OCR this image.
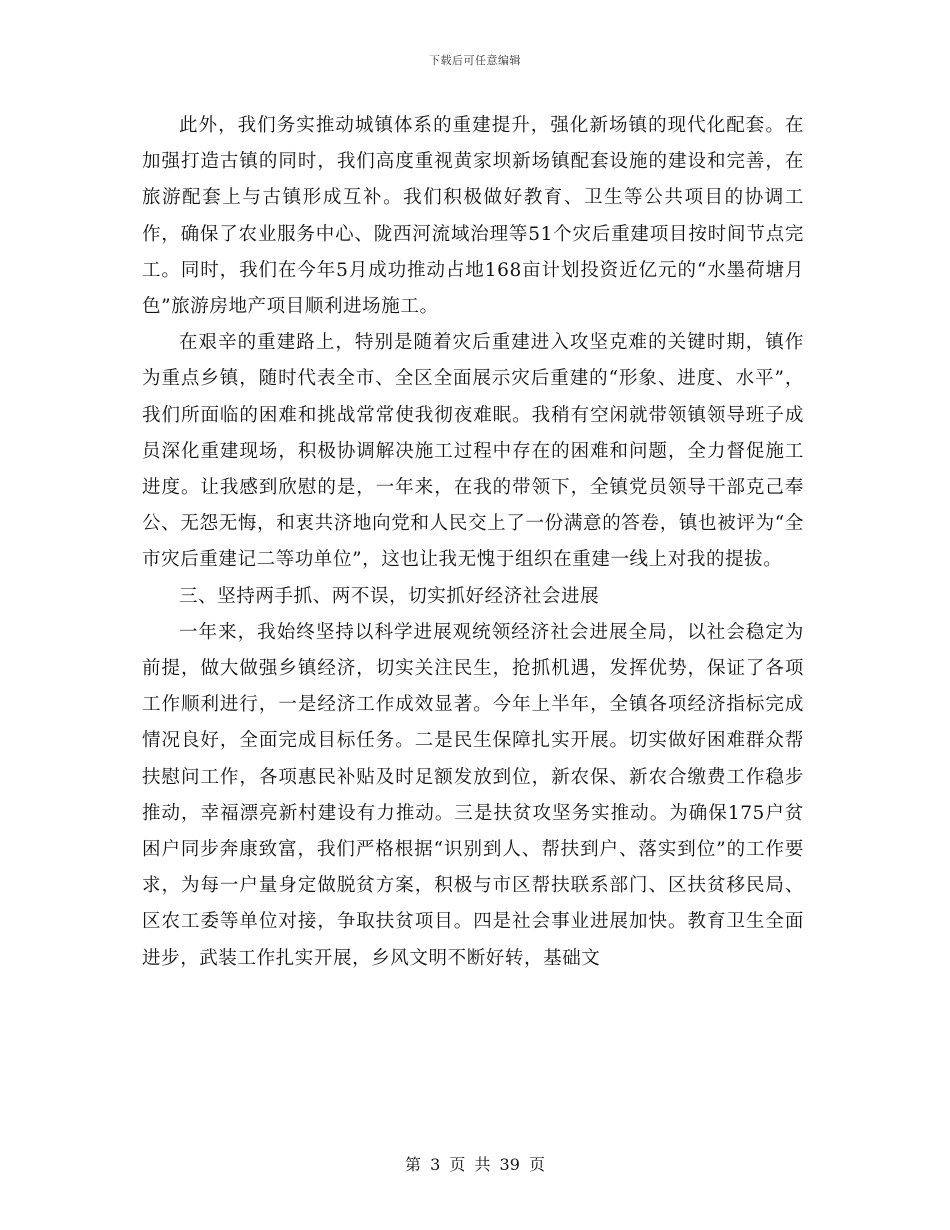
下载后可任意编辑

此外，我们务实推动城镇体系的重建提升，强化新场镇的现代化配套。在加强打造古镇的同时，我们高度重视黄家坝新场镇配套设施的建设和完善，在旅游配套上与古镇形成互补。我们积极做好教育、卫生等公共项目的协调工作，确保了农业服务中心、陇西河流域治理等51个灾后重建项目按时间节点完工。同时，我们在今年5月成功推动占地168亩计划投资近亿元的“水墨荷塘月色”旅游房地产项目顺利进场施工。

在艰辛的重建路上，特别是随着灾后重建进入攻坚克难的关键时期，镇作为重点乡镇，随时代表全市、全区全面展示灾后重建的“形象、进度、水平”，我们所面临的困难和挑战常常使我彻夜难眠。我稍有空闲就带领镇领导班子成员深化重建现场，积极协调解决施工过程中存在的困难和问题，全力督促施工进度。让我感到欣慰的是，一年来，在我的带领下，全镇党员领导干部克己奉公、无怨无悔，和衷共济地向党和人民交上了一份满意的答卷，镇也被评为“全市灾后重建记二等功单位”，这也让我无愧于组织在重建一线上对我的提拔。

三、坚持两手抓、两不误，切实抓好经济社会进展

一年来，我始终坚持以科学进展观统领经济社会进展全局，以社会稳定为前提，做大做强乡镇经济，切实关注民生，抢抓机遇，发挥优势，保证了各项工作顺利进行，一是经济工作成效显著。今年上半年，全镇各项经济指标完成情况良好，全面完成目标任务。二是民生保障扎实开展。切实做好困难群众帮扶慰问工作，各项惠民补贴及时足额发放到位，新农保、新农合缴费工作稳步推动，幸福漂亮新村建设有力推动。三是扶贫攻坚务实推动。为确保175户贫困户同步奔康致富，我们严格根据“识别到人、帮扶到户、落实到位”的工作要求，为每一户量身定做脱贫方案，积极与市区帮扶联系部门、区扶贫移民局、区农工委等单位对接，争取扶贫项目。四是社会事业进展加快。教育卫生全面进步，武装工作扎实开展，乡风文明不断好转，基础文

第 3 页 共 39 页
